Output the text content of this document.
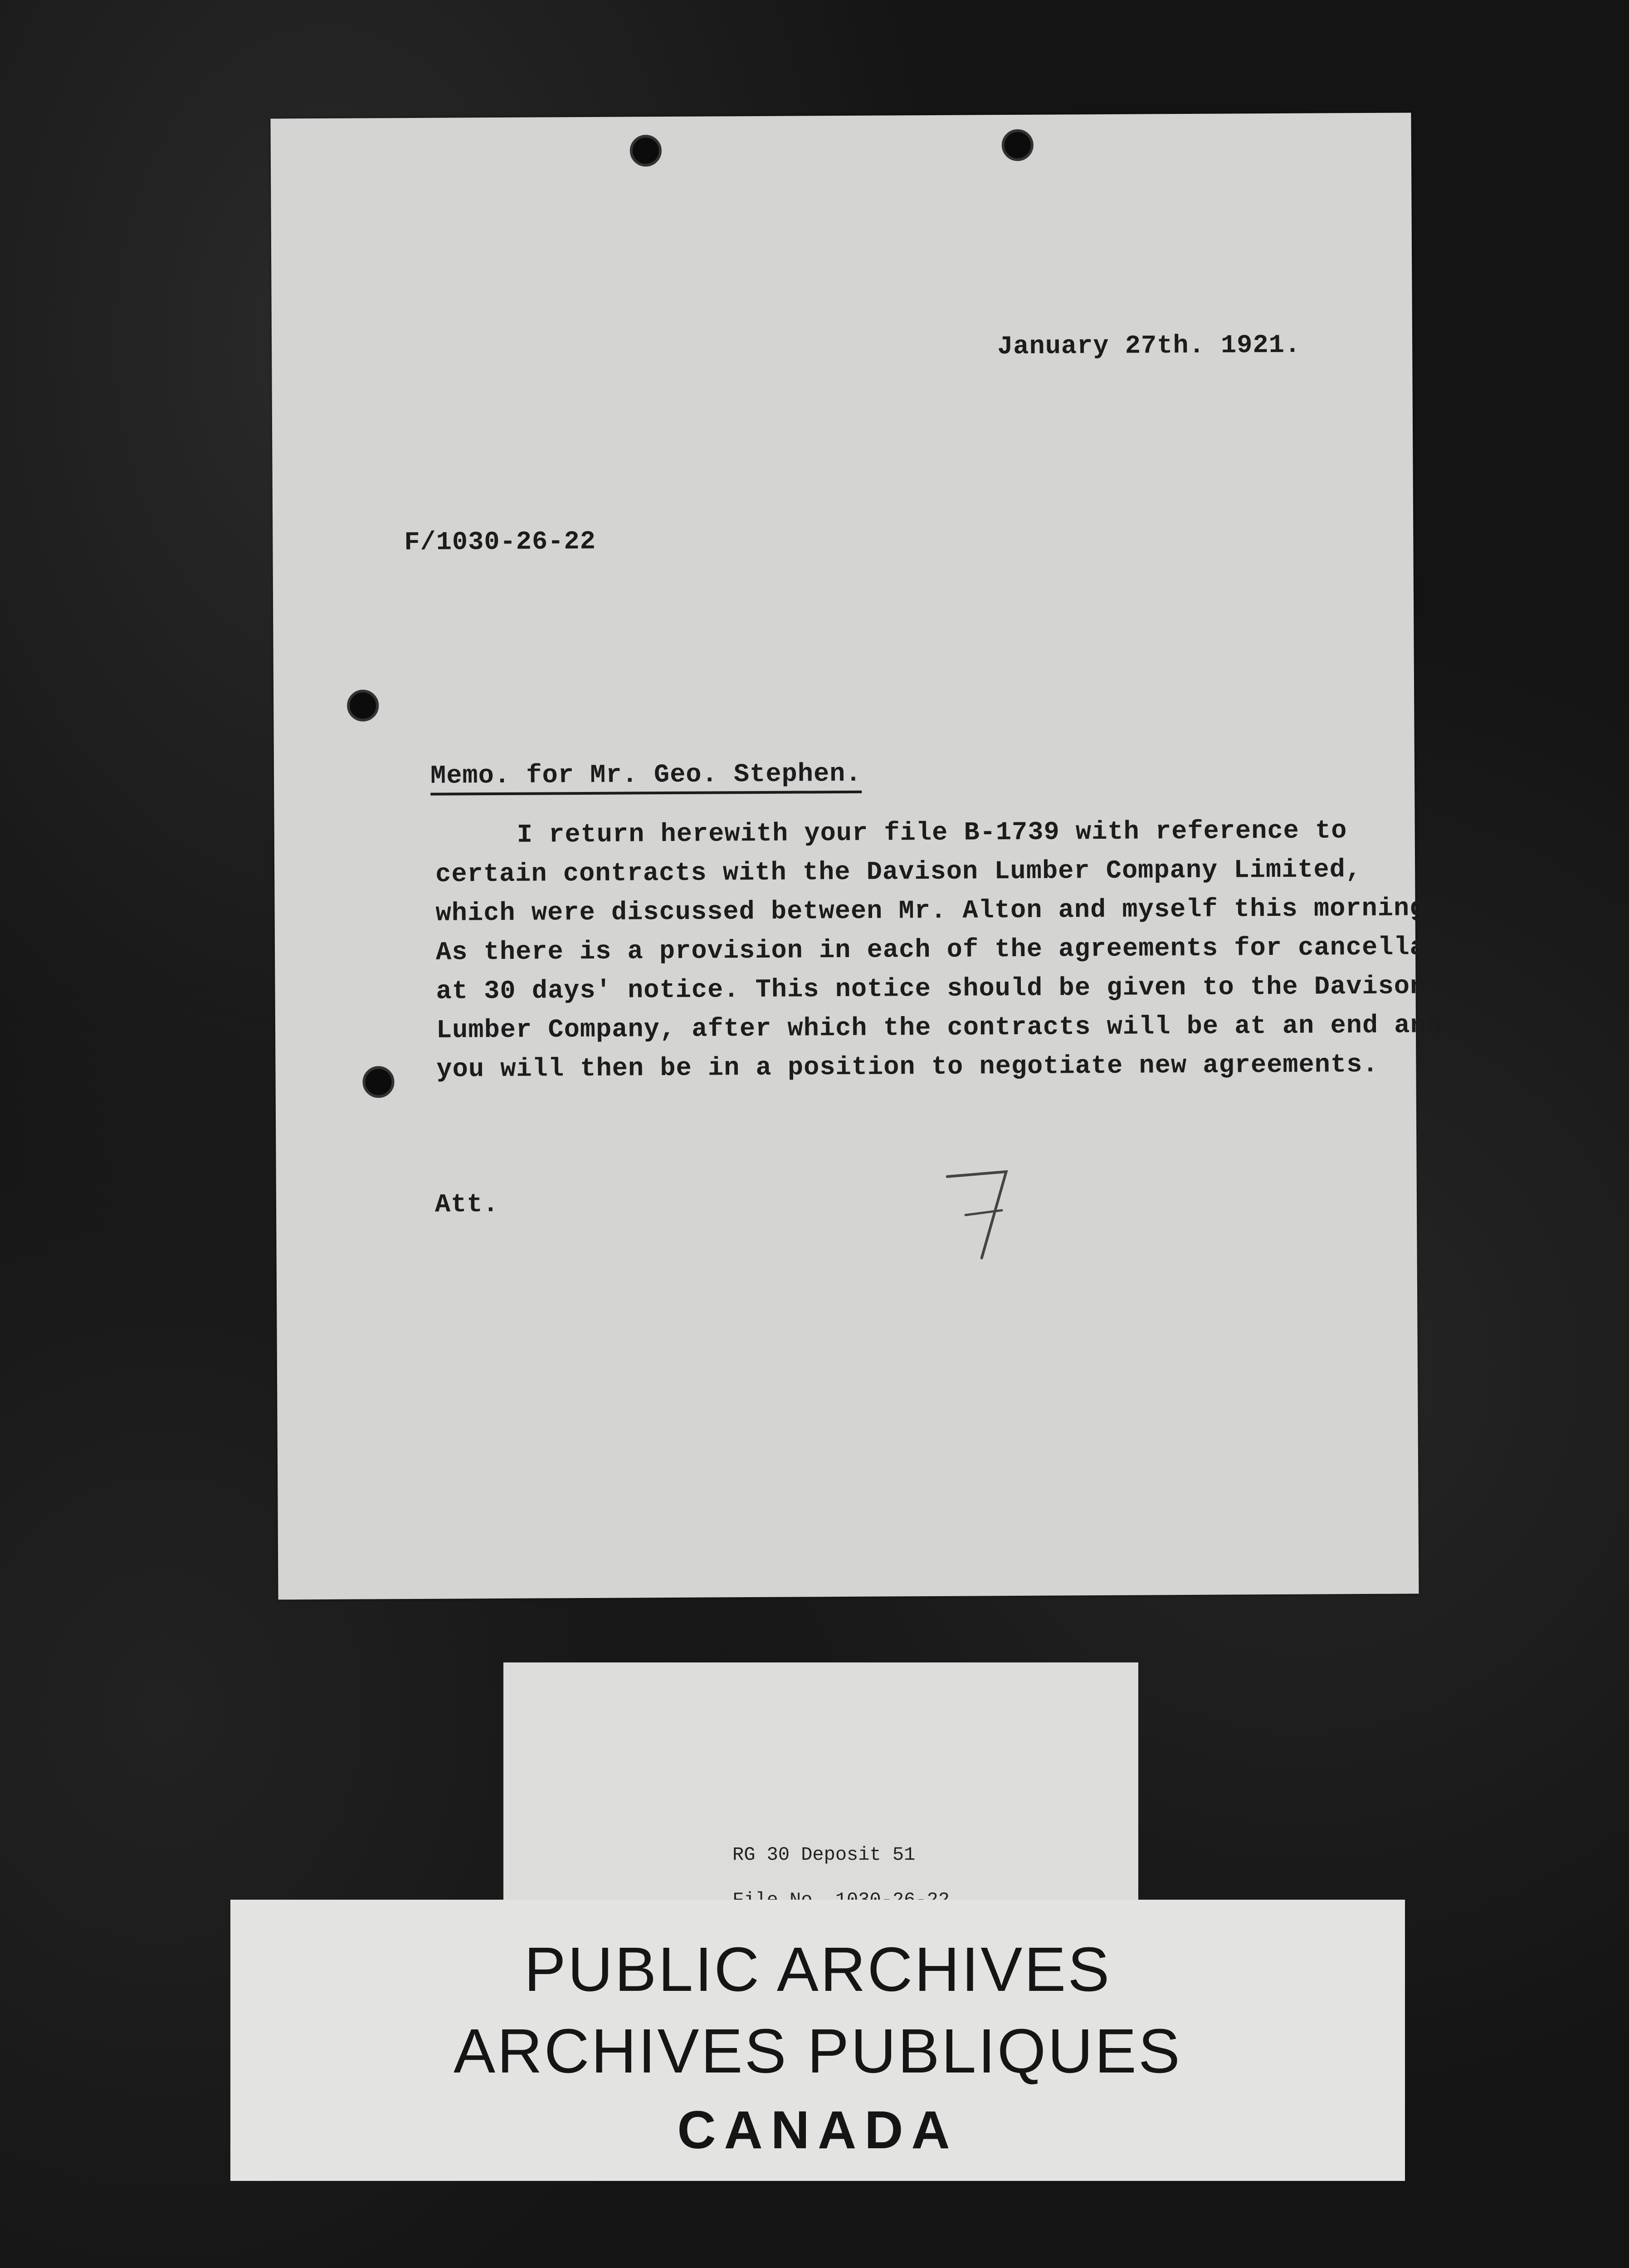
January 27th. 1921.
F/1030-26-22
Memo. for Mr. Geo. Stephen.
I return herewith your file B-1739 with reference to
certain contracts with the Davison Lumber Company Limited,
which were discussed between Mr. Alton and myself this morning.
As there is a provision in each of the agreements for cancellation
at 30 days' notice. This notice should be given to the Davison
Lumber Company, after which the contracts will be at an end and
you will then be in a position to negotiate new agreements.
Att.
RG 30 Deposit 51
PUBLIC ARCHIVES
ARCHIVES PUBLIQUES
CANADA
